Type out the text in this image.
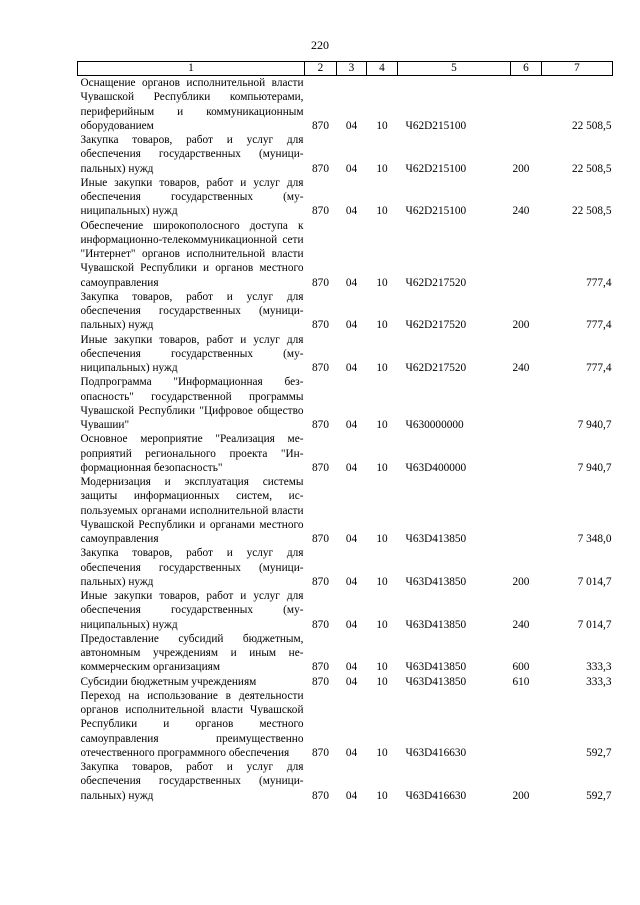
220
1	2	3	4	5	6	7
Оснащение органов исполнительной власти Чувашской Республики компьютерами, периферийным и коммуникационным оборудованием	870	04	10	Ч62D215100		22 508,5
Закупка товаров, работ и услуг для обеспечения государственных (муниципальных) нужд	870	04	10	Ч62D215100	200	22 508,5
Иные закупки товаров, работ и услуг для обеспечения государственных (муниципальных) нужд	870	04	10	Ч62D215100	240	22 508,5
Обеспечение широкополосного доступа к информационно-телекоммуникационной сети "Интернет" органов исполнительной власти Чувашской Республики и органов местного самоуправления	870	04	10	Ч62D217520		777,4
Закупка товаров, работ и услуг для обеспечения государственных (муниципальных) нужд	870	04	10	Ч62D217520	200	777,4
Иные закупки товаров, работ и услуг для обеспечения государственных (муниципальных) нужд	870	04	10	Ч62D217520	240	777,4
Подпрограмма "Информационная безопасность" государственной программы Чувашской Республики "Цифровое общество Чувашии"	870	04	10	Ч630000000		7 940,7
Основное мероприятие "Реализация мероприятий регионального проекта "Информационная безопасность"	870	04	10	Ч63D400000		7 940,7
Модернизация и эксплуатация системы защиты информационных систем, используемых органами исполнительной власти Чувашской Республики и органами местного самоуправления	870	04	10	Ч63D413850		7 348,0
Закупка товаров, работ и услуг для обеспечения государственных (муниципальных) нужд	870	04	10	Ч63D413850	200	7 014,7
Иные закупки товаров, работ и услуг для обеспечения государственных (муниципальных) нужд	870	04	10	Ч63D413850	240	7 014,7
Предоставление субсидий бюджетным, автономным учреждениям и иным некоммерческим организациям	870	04	10	Ч63D413850	600	333,3
Субсидии бюджетным учреждениям	870	04	10	Ч63D413850	610	333,3
Переход на использование в деятельности органов исполнительной власти Чувашской Республики и органов местного самоуправления преимущественно отечественного программного обеспечения	870	04	10	Ч63D416630		592,7
Закупка товаров, работ и услуг для обеспечения государственных (муниципальных) нужд	870	04	10	Ч63D416630	200	592,7
